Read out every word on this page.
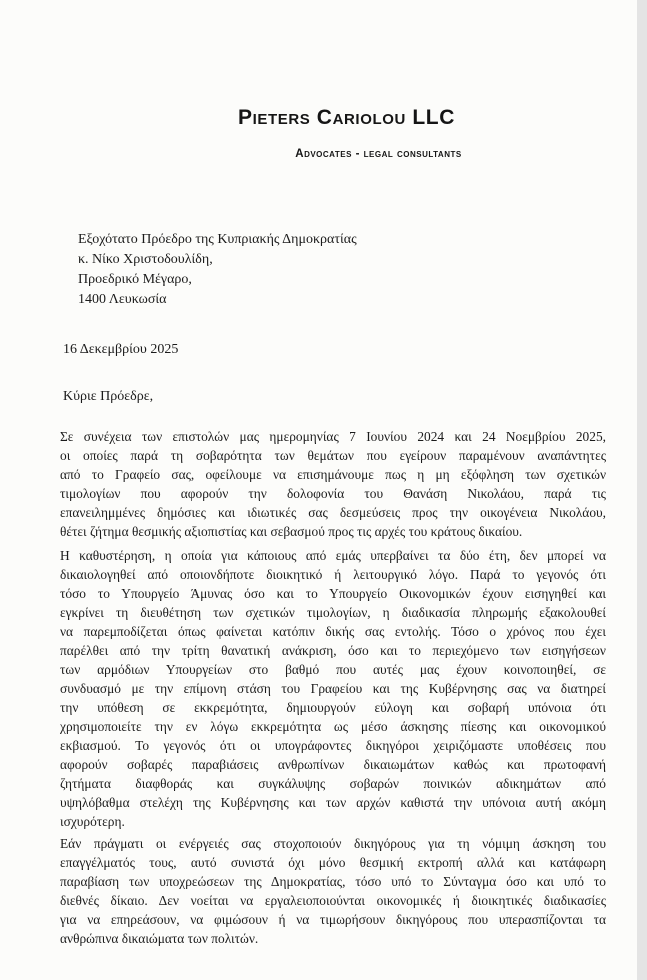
Pieters Cariolou LLC
Advocates - legal consultants
Εξοχότατο Πρόεδρο της Κυπριακής Δημοκρατίας
κ. Νίκο Χριστοδουλίδη,
Προεδρικό Μέγαρο,
1400 Λευκωσία
16 Δεκεμβρίου 2025
Κύριε Πρόεδρε,
Σε συνέχεια των επιστολών μας ημερομηνίας 7 Ιουνίου 2024 και 24 Νοεμβρίου 2025,
οι οποίες παρά τη σοβαρότητα των θεμάτων που εγείρουν παραμένουν αναπάντητες
από το Γραφείο σας, οφείλουμε να επισημάνουμε πως η μη εξόφληση των σχετικών
τιμολογίων που αφορούν την δολοφονία του Θανάση Νικολάου, παρά τις
επανειλημμένες δημόσιες και ιδιωτικές σας δεσμεύσεις προς την οικογένεια Νικολάου,
θέτει ζήτημα θεσμικής αξιοπιστίας και σεβασμού προς τις αρχές του κράτους δικαίου.
Η καθυστέρηση, η οποία για κάποιους από εμάς υπερβαίνει τα δύο έτη, δεν μπορεί να
δικαιολογηθεί από οποιονδήποτε διοικητικό ή λειτουργικό λόγο. Παρά το γεγονός ότι
τόσο το Υπουργείο Άμυνας όσο και το Υπουργείο Οικονομικών έχουν εισηγηθεί και
εγκρίνει τη διευθέτηση των σχετικών τιμολογίων, η διαδικασία πληρωμής εξακολουθεί
να παρεμποδίζεται όπως φαίνεται κατόπιν δικής σας εντολής. Τόσο ο χρόνος που έχει
παρέλθει από την τρίτη θανατική ανάκριση, όσο και το περιεχόμενο των εισηγήσεων
των αρμόδιων Υπουργείων στο βαθμό που αυτές μας έχουν κοινοποιηθεί, σε
συνδυασμό με την επίμονη στάση του Γραφείου και της Κυβέρνησης σας να διατηρεί
την υπόθεση σε εκκρεμότητα, δημιουργούν εύλογη και σοβαρή υπόνοια ότι
χρησιμοποιείτε την εν λόγω εκκρεμότητα ως μέσο άσκησης πίεσης και οικονομικού
εκβιασμού. Το γεγονός ότι οι υπογράφοντες δικηγόροι χειριζόμαστε υποθέσεις που
αφορούν σοβαρές παραβιάσεις ανθρωπίνων δικαιωμάτων καθώς και πρωτοφανή
ζητήματα διαφθοράς και συγκάλυψης σοβαρών ποινικών αδικημάτων από
υψηλόβαθμα στελέχη της Κυβέρνησης και των αρχών καθιστά την υπόνοια αυτή ακόμη
ισχυρότερη.
Εάν πράγματι οι ενέργειές σας στοχοποιούν δικηγόρους για τη νόμιμη άσκηση του
επαγγέλματός τους, αυτό συνιστά όχι μόνο θεσμική εκτροπή αλλά και κατάφωρη
παραβίαση των υποχρεώσεων της Δημοκρατίας, τόσο υπό το Σύνταγμα όσο και υπό το
διεθνές δίκαιο. Δεν νοείται να εργαλειοποιούνται οικονομικές ή διοικητικές διαδικασίες
για να επηρεάσουν, να φιμώσουν ή να τιμωρήσουν δικηγόρους που υπερασπίζονται τα
ανθρώπινα δικαιώματα των πολιτών.
